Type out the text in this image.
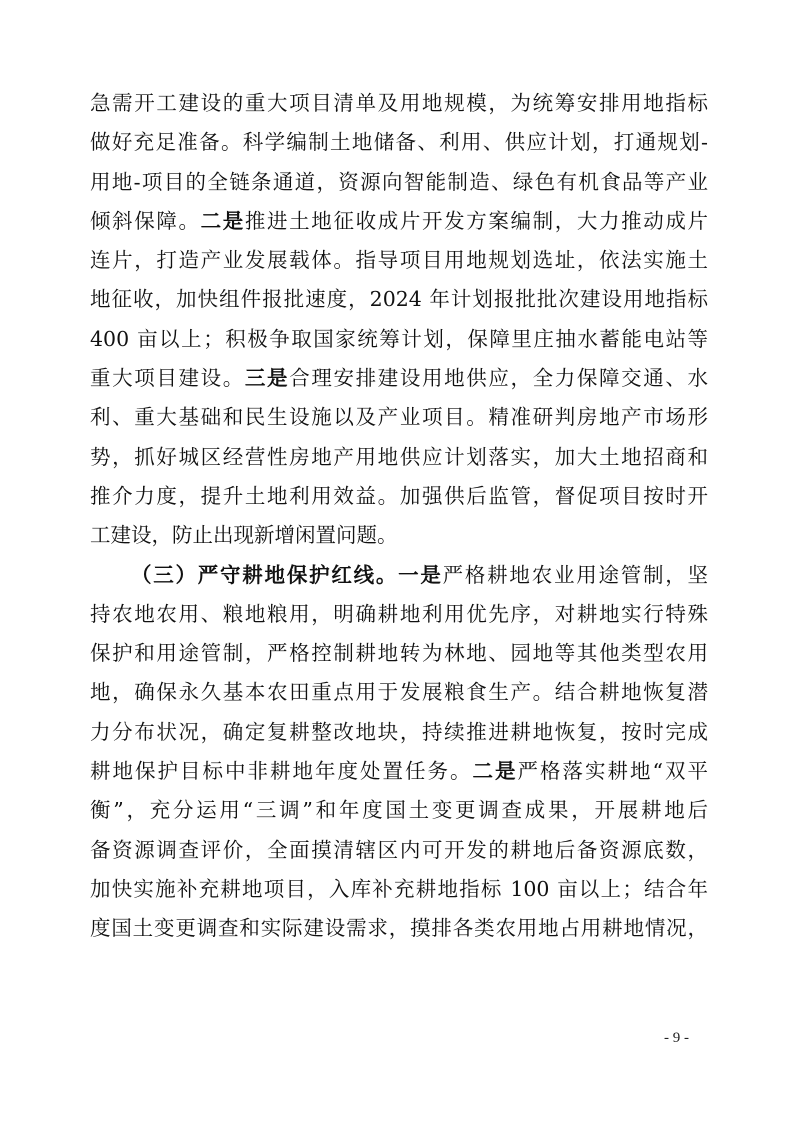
急需开工建设的重大项目清单及用地规模，为统筹安排用地指标
做好充足准备。科学编制土地储备、利用、供应计划，打通规划-
用地-项目的全链条通道，资源向智能制造、绿色有机食品等产业
倾斜保障。二是推进土地征收成片开发方案编制，大力推动成片
连片，打造产业发展载体。指导项目用地规划选址，依法实施土
地征收，加快组件报批速度，2024 年计划报批批次建设用地指标
400 亩以上；积极争取国家统筹计划，保障里庄抽水蓄能电站等
重大项目建设。三是合理安排建设用地供应，全力保障交通、水
利、重大基础和民生设施以及产业项目。精准研判房地产市场形
势，抓好城区经营性房地产用地供应计划落实，加大土地招商和
推介力度，提升土地利用效益。加强供后监管，督促项目按时开
工建设，防止出现新增闲置问题。
（三）严守耕地保护红线。一是严格耕地农业用途管制，坚
持农地农用、粮地粮用，明确耕地利用优先序，对耕地实行特殊
保护和用途管制，严格控制耕地转为林地、园地等其他类型农用
地，确保永久基本农田重点用于发展粮食生产。结合耕地恢复潜
力分布状况，确定复耕整改地块，持续推进耕地恢复，按时完成
耕地保护目标中非耕地年度处置任务。二是严格落实耕地“双平
衡”，充分运用“三调”和年度国土变更调查成果，开展耕地后
备资源调查评价，全面摸清辖区内可开发的耕地后备资源底数，
加快实施补充耕地项目，入库补充耕地指标 100 亩以上；结合年
度国土变更调查和实际建设需求，摸排各类农用地占用耕地情况，
- 9 -
